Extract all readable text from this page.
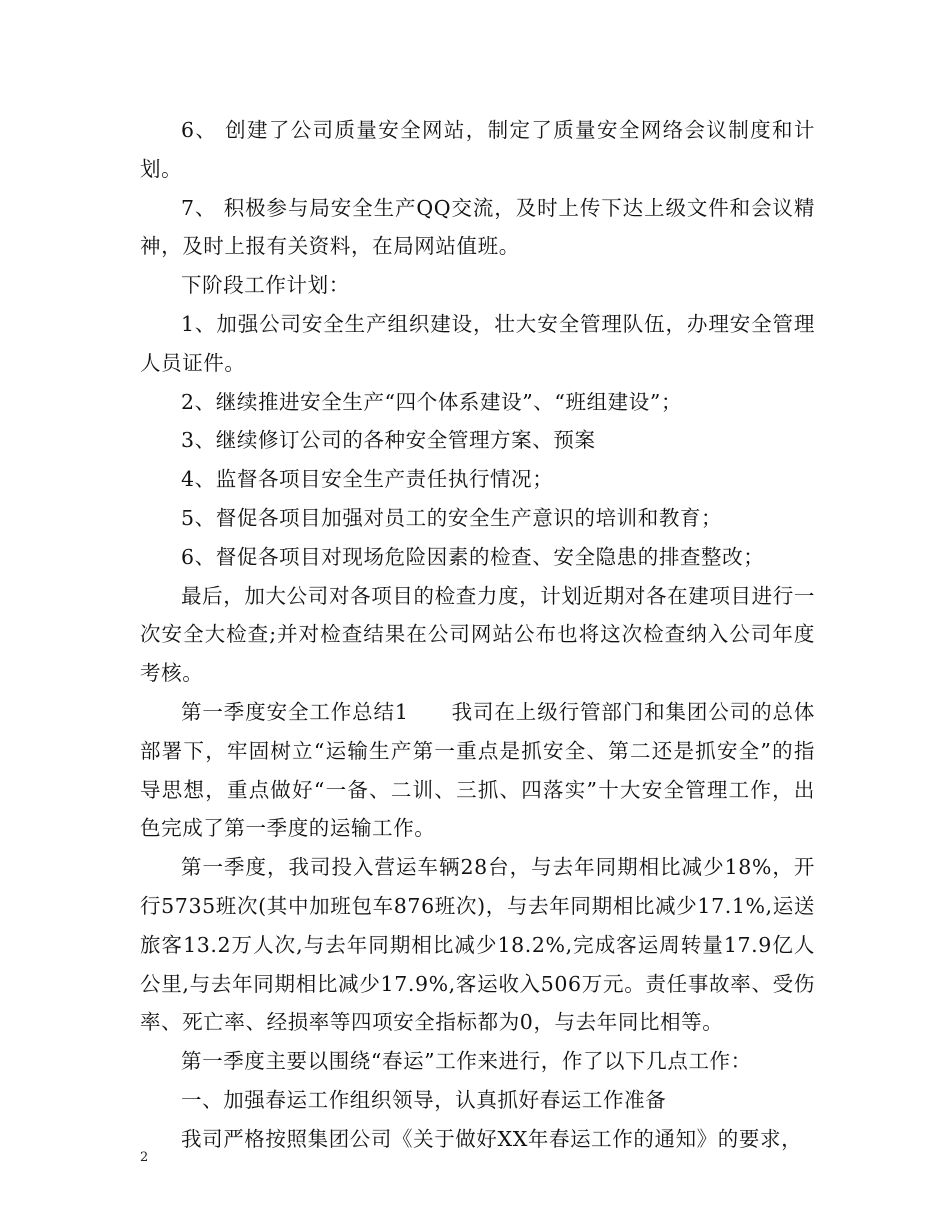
6、 创建了公司质量安全网站，制定了质量安全网络会议制度和计划。

7、 积极参与局安全生产QQ交流，及时上传下达上级文件和会议精神，及时上报有关资料，在局网站值班。

下阶段工作计划：

1、加强公司安全生产组织建设，壮大安全管理队伍，办理安全管理人员证件。

2、继续推进安全生产“四个体系建设”、“班组建设”；

3、继续修订公司的各种安全管理方案、预案

4、监督各项目安全生产责任执行情况；

5、督促各项目加强对员工的安全生产意识的培训和教育；

6、督促各项目对现场危险因素的检查、安全隐患的排查整改；

最后，加大公司对各项目的检查力度，计划近期对各在建项目进行一次安全大检查;并对检查结果在公司网站公布也将这次检查纳入公司年度考核。

第一季度安全工作总结1　　我司在上级行管部门和集团公司的总体部署下，牢固树立“运输生产第一重点是抓安全、第二还是抓安全”的指导思想，重点做好“一备、二训、三抓、四落实”十大安全管理工作，出色完成了第一季度的运输工作。

第一季度，我司投入营运车辆28台，与去年同期相比减少18%，开行5735班次(其中加班包车876班次)，与去年同期相比减少17.1%,运送旅客13.2万人次,与去年同期相比减少18.2%,完成客运周转量17.9亿人公里,与去年同期相比减少17.9%,客运收入506万元。责任事故率、受伤率、死亡率、经损率等四项安全指标都为0，与去年同比相等。

第一季度主要以围绕“春运”工作来进行，作了以下几点工作：

一、加强春运工作组织领导，认真抓好春运工作准备

我司严格按照集团公司《关于做好XX年春运工作的通知》的要求，

2
